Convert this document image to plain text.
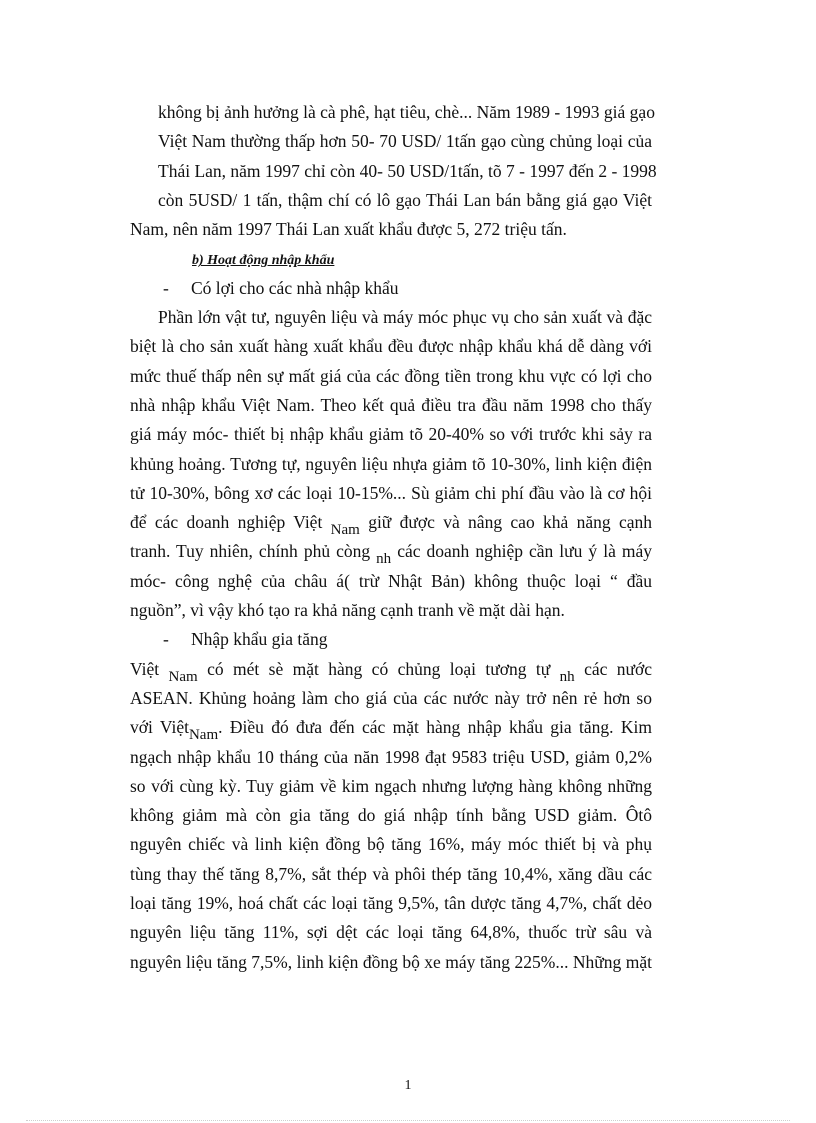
không bị ảnh hưởng là cà phê, hạt tiêu, chè... Năm 1989 - 1993 giá gạo
Việt Nam thường thấp hơn 50- 70 USD/ 1tấn gạo cùng chủng loại của
Thái Lan, năm 1997 chỉ còn 40- 50 USD/1tấn, tõ 7 - 1997 đến 2 - 1998
còn 5USD/ 1 tấn, thậm chí có lô gạo Thái Lan bán bằng giá gạo Việt
Nam, nên năm 1997 Thái Lan xuất khẩu được 5, 272 triệu tấn.
b) Hoạt động nhập khẩu
- Có lợi cho các nhà nhập khẩu
Phần lớn vật tư, nguyên liệu và máy móc phục vụ cho sản xuất và đặc
biệt là cho sản xuất hàng xuất khẩu đều được nhập khẩu khá dễ dàng với
mức thuế thấp nên sự mất giá của các đồng tiền trong khu vực có lợi cho
nhà nhập khẩu Việt Nam. Theo kết quả điều tra đầu năm 1998 cho thấy
giá máy móc- thiết bị nhập khẩu giảm tõ 20-40% so với trước khi sảy ra
khủng hoảng. Tương tự, nguyên liệu nhựa giảm tõ 10-30%, linh kiện điện
tử 10-30%, bông xơ các loại 10-15%... Sù giảm chi phí đầu vào là cơ hội
để các doanh nghiệp Việt Nam giữ được và nâng cao khả năng cạnh
tranh. Tuy nhiên, chính phủ còng nh các doanh nghiệp cần lưu ý là máy
móc- công nghệ của châu á( trừ Nhật Bản) không thuộc loại “ đầu
nguồn”, vì vậy khó tạo ra khả năng cạnh tranh về mặt dài hạn.
- Nhập khẩu gia tăng
Việt Nam có mét sè mặt hàng có chủng loại tương tự nh các nước
ASEAN. Khủng hoảng làm cho giá của các nước này trở nên rẻ hơn so
với ViệtNam. Điều đó đưa đến các mặt hàng nhập khẩu gia tăng. Kim
ngạch nhập khẩu 10 tháng của năn 1998 đạt 9583 triệu USD, giảm 0,2%
so với cùng kỳ. Tuy giảm về kim ngạch nhưng lượng hàng không những
không giảm mà còn gia tăng do giá nhập tính bằng USD giảm. Ôtô
nguyên chiếc và linh kiện đồng bộ tăng 16%, máy móc thiết bị và phụ
tùng thay thế tăng 8,7%, sắt thép và phôi thép tăng 10,4%, xăng dầu các
loại tăng 19%, hoá chất các loại tăng 9,5%, tân dược tăng 4,7%, chất dẻo
nguyên liệu tăng 11%, sợi dệt các loại tăng 64,8%, thuốc trừ sâu và
nguyên liệu tăng 7,5%, linh kiện đồng bộ xe máy tăng 225%... Những mặt
1
